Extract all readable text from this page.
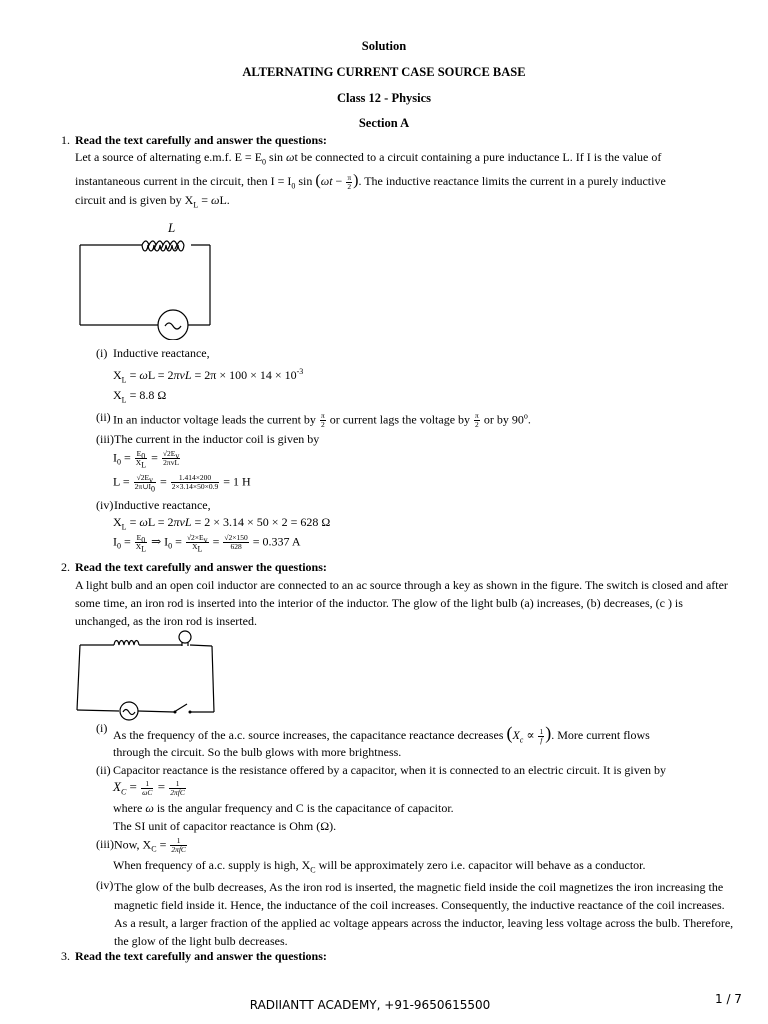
Solution
ALTERNATING CURRENT CASE SOURCE BASE
Class 12 - Physics
Section A
1. Read the text carefully and answer the questions:
Let a source of alternating e.m.f. $E = E_0$ sin ωt be connected to a circuit containing a pure inductance L. If I is the value of
instantaneous current in the circuit, then $I = I_0$ $\sin (\omega t - \frac{\pi}{2}$ ). The inductive reactance limits the current in a purely inductive
circuit and is given by $X_L = \omega L$.
L
(i) Inductive reactance,
$X_L = \omega L = 2\pi vL = 2\pi \times 100 \times 14 \times 10^{-3}$
$X_L = 8.8$ Ω
(ii) In an inductor voltage leads the current by $\frac{\pi}{2}$ or current lags the voltage by $\frac{\pi}{2}$ or by 90$^o$.
(iii) The current in the inductor coil is given by
$I_0 = \frac{E_0}{X_L} = \frac{√2E_v}{\text{2πvL}}$
$L = \frac{√2E_v}{2\pi\cup I_0} = \frac{1.414\times 200}{2\times 3.14\times 50\times 0.9} = 1$ H
(iv) Inductive reactance,
$X_L = \omega L = 2\pi vL = 2 \times 3.14 \times 50 \times 2 = 628$ Ω
$I_0 = \frac{E_0}{X_L}$ ⇒ $I_0 = \frac{√2\times E_v}{X_L} = \frac{√2\times 150}{628} = 0.337$ A
2. Read the text carefully and answer the questions:
A light bulb and an open coil inductor are connected to an ac source through a key as shown in the figure. The switch is closed and after some time, an iron rod is inserted into the interior of the inductor. The glow of the light bulb (a) increases, (b) decreases, (c ) is unchanged, as the iron rod is inserted.
(i) As the frequency of the a.c. source increases, the capacitance reactance decreases ($X_c \propto \frac{1}{f}$ ). More current flows
through the circuit. So the bulb glows with more brightness.
(ii) Capacitor reactance is the resistance offered by a capacitor, when it is connected to an electric circuit. It is given by
$X_C = \frac{1}{\omega C} = \frac{1}{\text{2πfC}}$
where ω is the angular frequency and C is the capacitance of capacitor.
The SI unit of capacitor reactance is Ohm (Ω).
(iii) Now, $X_C = \frac{1}{\text{2πfC}}$
When frequency of a.c. supply is high, $X_C$ will be approximately zero i.e. capacitor will behave as a conductor.
(iv) The glow of the bulb decreases, As the iron rod is inserted, the magnetic field inside the coil magnetizes the iron increasing the magnetic field inside it. Hence, the inductance of the coil increases. Consequently, the inductive reactance of the coil increases. As a result, a larger fraction of the applied ac voltage appears across the inductor, leaving less voltage across the bulb. Therefore, the glow of the light bulb decreases.
3. Read the text carefully and answer the questions:
RADIIANTT ACADEMY, +91-9650615500	1 / 7
